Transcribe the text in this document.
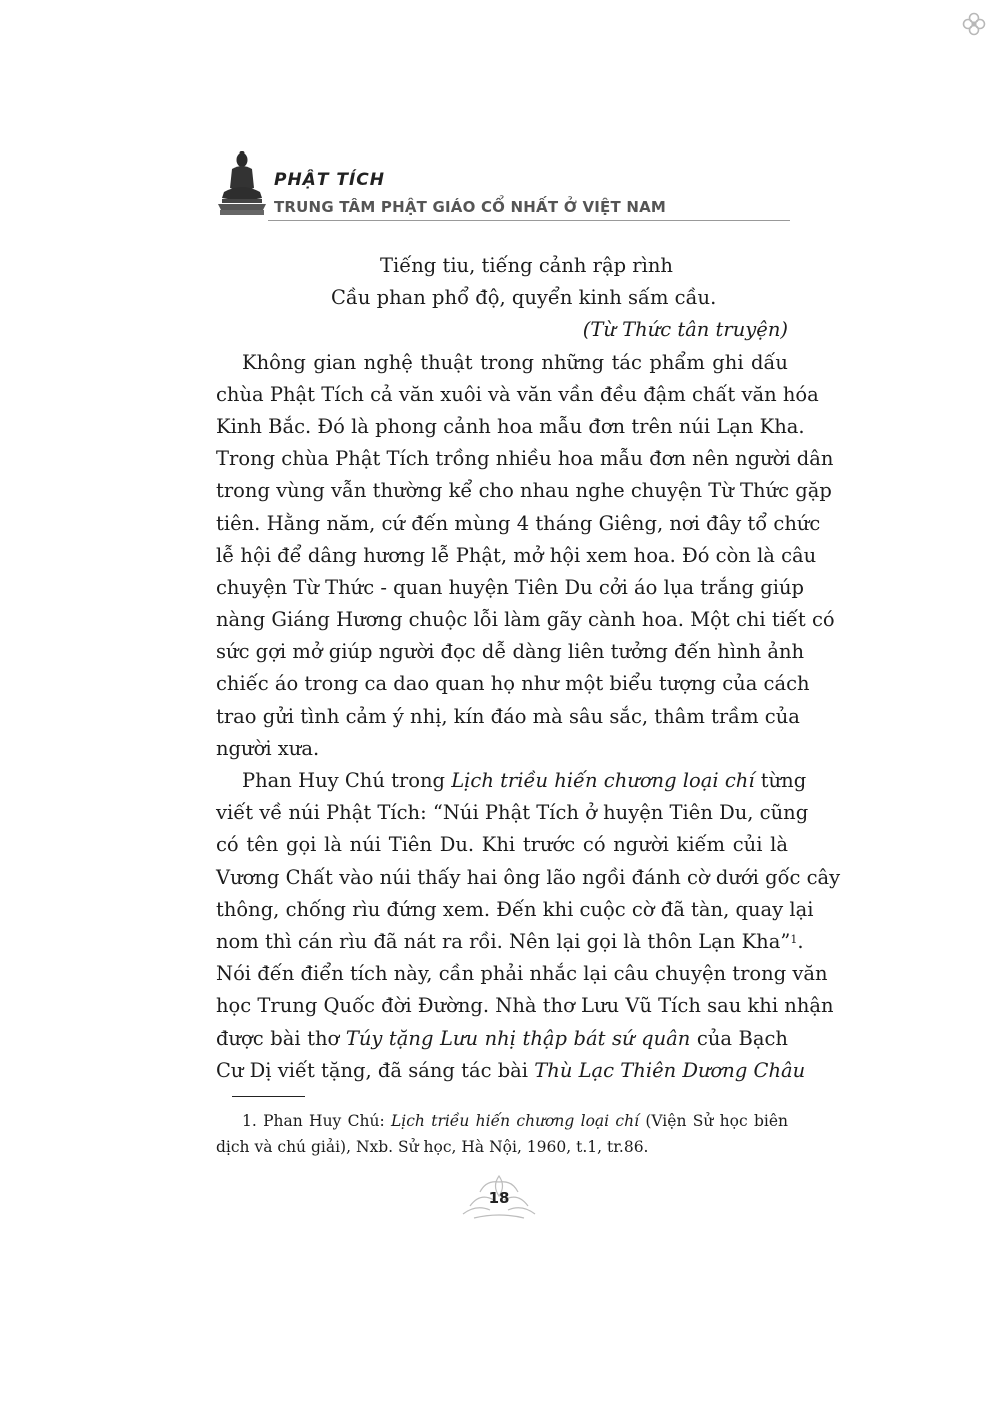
PHẬT TÍCH
TRUNG TÂM PHẬT GIÁO CỔ NHẤT Ở VIỆT NAM
Tiếng tiu, tiếng cảnh rập rình
Cầu phan phổ độ, quyển kinh sấm cầu.
(Từ Thức tân truyện)
Không gian nghệ thuật trong những tác phẩm ghi dấu
chùa Phật Tích cả văn xuôi và văn vần đều đậm chất văn hóa
Kinh Bắc. Đó là phong cảnh hoa mẫu đơn trên núi Lạn Kha.
Trong chùa Phật Tích trồng nhiều hoa mẫu đơn nên người dân
trong vùng vẫn thường kể cho nhau nghe chuyện Từ Thức gặp
tiên. Hằng năm, cứ đến mùng 4 tháng Giêng, nơi đây tổ chức
lễ hội để dâng hương lễ Phật, mở hội xem hoa. Đó còn là câu
chuyện Từ Thức - quan huyện Tiên Du cởi áo lụa trắng giúp
nàng Giáng Hương chuộc lỗi làm gãy cành hoa. Một chi tiết có
sức gợi mở giúp người đọc dễ dàng liên tưởng đến hình ảnh
chiếc áo trong ca dao quan họ như một biểu tượng của cách
trao gửi tình cảm ý nhị, kín đáo mà sâu sắc, thâm trầm của
người xưa.
Phan Huy Chú trong Lịch triều hiến chương loại chí từng
viết về núi Phật Tích: “Núi Phật Tích ở huyện Tiên Du, cũng
có tên gọi là núi Tiên Du. Khi trước có người kiếm củi là
Vương Chất vào núi thấy hai ông lão ngồi đánh cờ dưới gốc cây
thông, chống rìu đứng xem. Đến khi cuộc cờ đã tàn, quay lại
nom thì cán rìu đã nát ra rồi. Nên lại gọi là thôn Lạn Kha”$^1$.
Nói đến điển tích này, cần phải nhắc lại câu chuyện trong văn
học Trung Quốc đời Đường. Nhà thơ Lưu Vũ Tích sau khi nhận
được bài thơ Túy tặng Lưu nhị thập bát sứ quân của Bạch
Cư Dị viết tặng, đã sáng tác bài Thù Lạc Thiên Dương Châu
1. Phan Huy Chú: Lịch triều hiến chương loại chí (Viện Sử học biên
dịch và chú giải), Nxb. Sử học, Hà Nội, 1960, t.1, tr.86.
18
